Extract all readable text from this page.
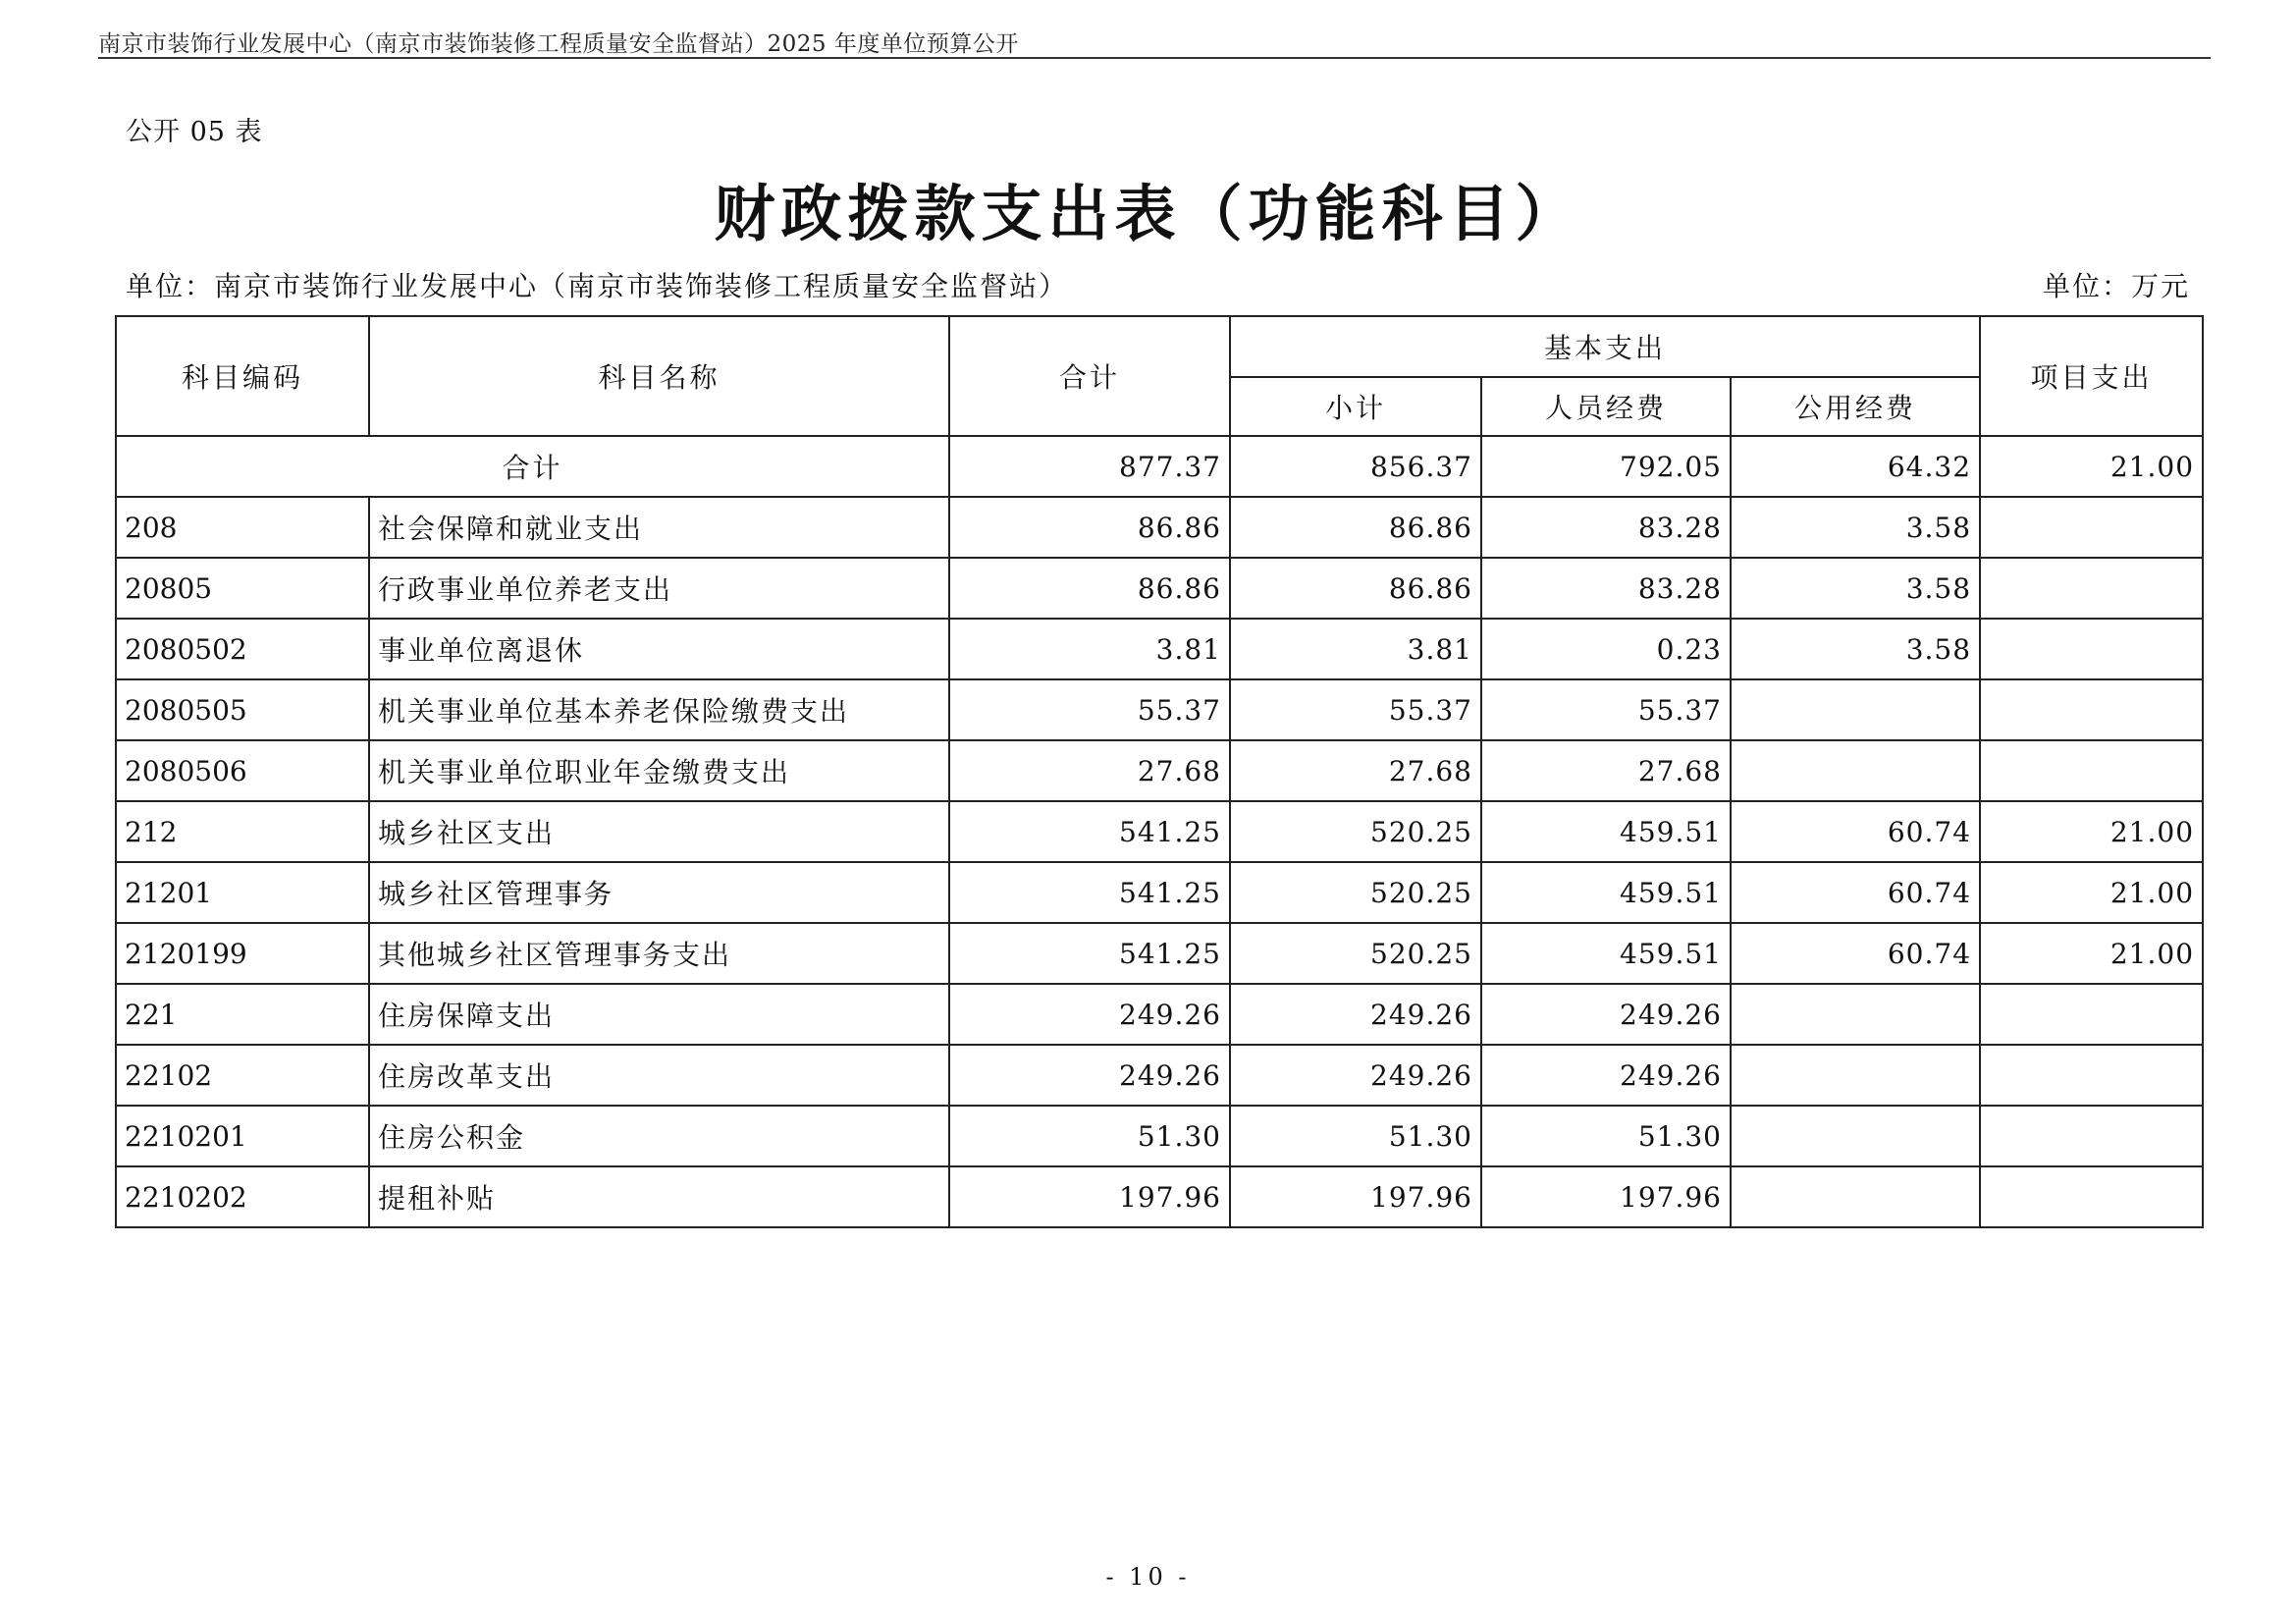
南京市装饰行业发展中心（南京市装饰装修工程质量安全监督站）2025 年度单位预算公开
公开 05 表
财政拨款支出表（功能科目）
单位：南京市装饰行业发展中心（南京市装饰装修工程质量安全监督站）	单位：万元
科目编码	科目名称	合计	基本支出			项目支出
			小计	人员经费	公用经费	
合计		877.37	856.37	792.05	64.32	21.00
208	社会保障和就业支出	86.86	86.86	83.28	3.58	
20805	行政事业单位养老支出	86.86	86.86	83.28	3.58	
2080502	事业单位离退休	3.81	3.81	0.23	3.58	
2080505	机关事业单位基本养老保险缴费支出	55.37	55.37	55.37		
2080506	机关事业单位职业年金缴费支出	27.68	27.68	27.68		
212	城乡社区支出	541.25	520.25	459.51	60.74	21.00
21201	城乡社区管理事务	541.25	520.25	459.51	60.74	21.00
2120199	其他城乡社区管理事务支出	541.25	520.25	459.51	60.74	21.00
221	住房保障支出	249.26	249.26	249.26		
22102	住房改革支出	249.26	249.26	249.26		
2210201	住房公积金	51.30	51.30	51.30		
2210202	提租补贴	197.96	197.96	197.96		
- 10 -
